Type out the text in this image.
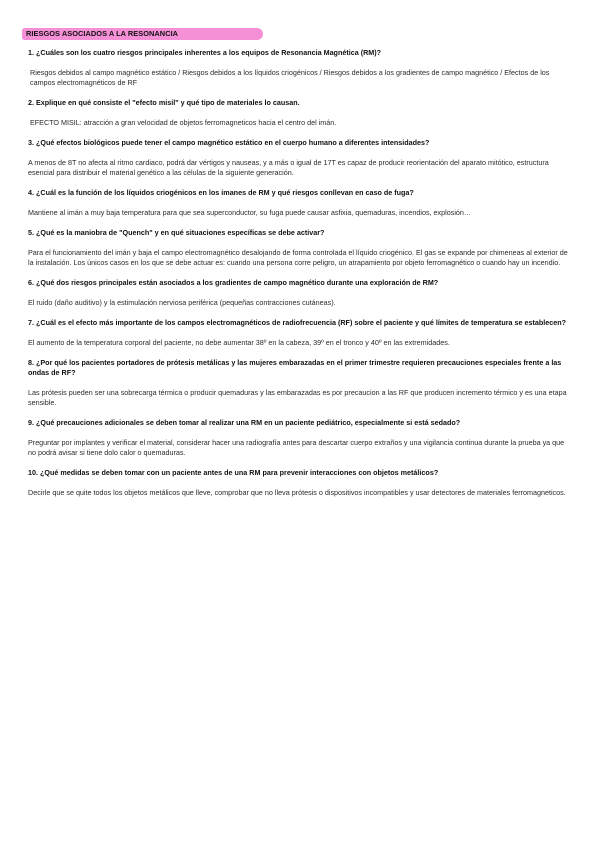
RIESGOS ASOCIADOS A LA RESONANCIA

1. ¿Cuáles son los cuatro riesgos principales inherentes a los equipos de Resonancia Magnética (RM)?

Riesgos debidos al campo magnético estático / Riesgos debidos a los líquidos criogénicos / Riesgos debidos a los gradientes de campo magnético / Efectos de los campos electromagnéticos de RF

2. Explique en qué consiste el "efecto misil" y qué tipo de materiales lo causan.

EFECTO MISIL: atracción a gran velocidad de objetos ferromagneticos hacia el centro del imán.

3. ¿Qué efectos biológicos puede tener el campo magnético estático en el cuerpo humano a diferentes intensidades?

A menos de 8T no afecta al ritmo cardiaco, podrá dar vértigos y nauseas, y a más o igual de 17T es capaz de producir reorientación del aparato mitótico, estructura esencial para distribuir el material genético a las células de la siguiente generación.

4. ¿Cuál es la función de los líquidos criogénicos en los imanes de RM y qué riesgos conllevan en caso de fuga?

Mantiene al imán a muy baja temperatura para que sea superconductor, su fuga puede causar asfixia, quemaduras, incendios, explosión…

5. ¿Qué es la maniobra de "Quench" y en qué situaciones específicas se debe activar?

Para el funcionamiento del imán y baja el campo electromagnético desalojando de forma controlada el líquido criogénico. El gas se expande por chimeneas al exterior de la instalación. Los únicos casos en los que se debe actuar es: cuando una persona corre peligro, un atrapamiento por objeto ferromagnético o cuando hay un incendio.

6. ¿Qué dos riesgos principales están asociados a los gradientes de campo magnético durante una exploración de RM?

El ruido (daño auditivo) y la estimulación nerviosa periférica (pequeñas contracciones cutáneas).

7. ¿Cuál es el efecto más importante de los campos electromagnéticos de radiofrecuencia (RF) sobre el paciente y qué límites de temperatura se establecen?

El aumento de la temperatura corporal del paciente, no debe aumentar 38º en la cabeza, 39º en el tronco y 40º en las extremidades.

8. ¿Por qué los pacientes portadores de prótesis metálicas y las mujeres embarazadas en el primer trimestre requieren precauciones especiales frente a las ondas de RF?

Las prótesis pueden ser una sobrecarga térmica o producir quemaduras y las embarazadas es por precaucion a las RF que producen incremento térmico y es una etapa sensible.

9. ¿Qué precauciones adicionales se deben tomar al realizar una RM en un paciente pediátrico, especialmente si está sedado?

Preguntar por implantes y verificar el material, considerar hacer una radiografía antes para descartar cuerpo extraños y una vigilancia continua durante la prueba ya que no podrá avisar si tiene dolo calor o quemaduras.

10. ¿Qué medidas se deben tomar con un paciente antes de una RM para prevenir interacciones con objetos metálicos?

Decirle que se quite todos los objetos metálicos que lleve, comprobar que no lleva prótesis o dispositivos incompatibles y usar detectores de materiales ferromagneticos.
